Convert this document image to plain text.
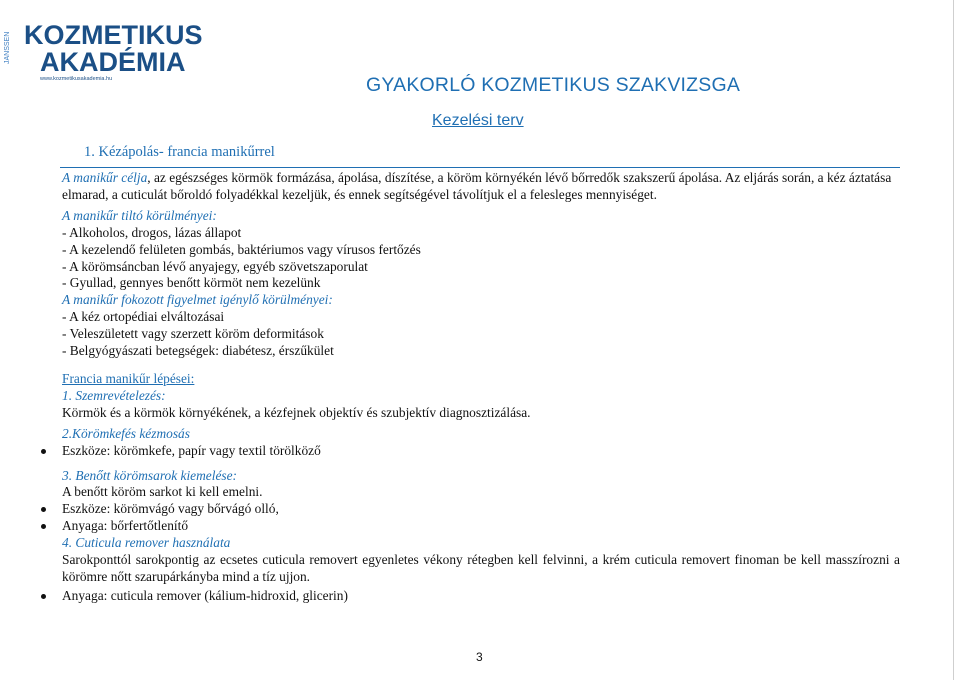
KOZMETIKUS
JANSSEN AKADÉMIA
www.kozmetikusakademia.hu	GYAKORLÓ KOZMETIKUS SZAKVIZSGA
Kezelési terv
1. Kézápolás- francia manikűrrel

A manikűr célja, az egészséges körmök formázása, ápolása, díszítése, a köröm környékén lévő bőrredők szakszerű ápolása. Az eljárás során, a kéz áztatása elmarad, a cuticulát bőroldó folyadékkal kezeljük, és ennek segítségével távolítjuk el a felesleges mennyiséget.

A manikűr tiltó körülményei:

- Alkoholos, drogos, lázas állapot

- A kezelendő felületen gombás, baktériumos vagy vírusos fertőzés

- A körömsáncban lévő anyajegy, egyéb szövetszaporulat

- Gyullad, gennyes benőtt körmöt nem kezelünk

A manikűr fokozott figyelmet igénylő körülményei:

- A kéz ortopédiai elváltozásai

- Veleszületett vagy szerzett köröm deformitások

- Belgyógyászati betegségek: diabétesz, érszűkület

Francia manikűr lépései:

1. Szemrevételezés:

Körmök és a körmök környékének, a kézfejnek objektív és szubjektív diagnosztizálása.

2.Körömkefés kézmosás

Eszköze: körömkefe, papír vagy textil törölköző

3. Benőtt körömsarok kiemelése:

A benőtt köröm sarkot ki kell emelni.

Eszköze: körömvágó vagy bőrvágó olló,

Anyaga: bőrfertőtlenítő

4. Cuticula remover használata

Sarokponttól sarokpontig az ecsetes cuticula removert egyenletes vékony rétegben kell felvinni, a krém cuticula removert finoman be kell masszírozni a körömre nőtt szarupárkányba mind a tíz ujjon.

Anyaga: cuticula remover (kálium-hidroxid, glicerin)

3
